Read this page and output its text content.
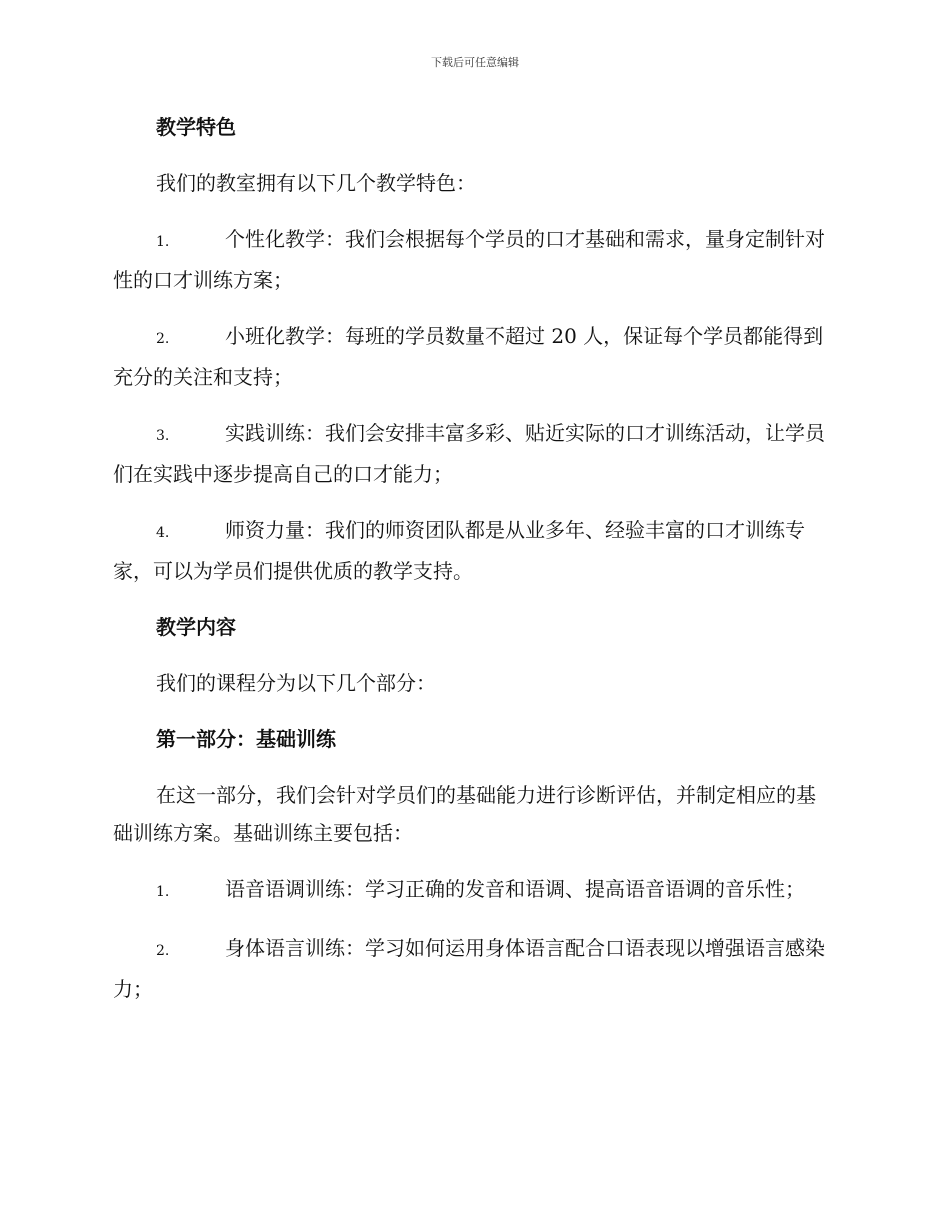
下载后可任意编辑
教学特色
我们的教室拥有以下几个教学特色：
1.	个性化教学：我们会根据每个学员的口才基础和需求，量身定制针对性的口才训练方案；
2.	小班化教学：每班的学员数量不超过 20 人，保证每个学员都能得到充分的关注和支持；
3.	实践训练：我们会安排丰富多彩、贴近实际的口才训练活动，让学员们在实践中逐步提高自己的口才能力；
4.	师资力量：我们的师资团队都是从业多年、经验丰富的口才训练专家，可以为学员们提供优质的教学支持。
教学内容
我们的课程分为以下几个部分：
第一部分：基础训练
在这一部分，我们会针对学员们的基础能力进行诊断评估，并制定相应的基础训练方案。基础训练主要包括：
1.	语音语调训练：学习正确的发音和语调、提高语音语调的音乐性；
2.	身体语言训练：学习如何运用身体语言配合口语表现以增强语言感染力；
